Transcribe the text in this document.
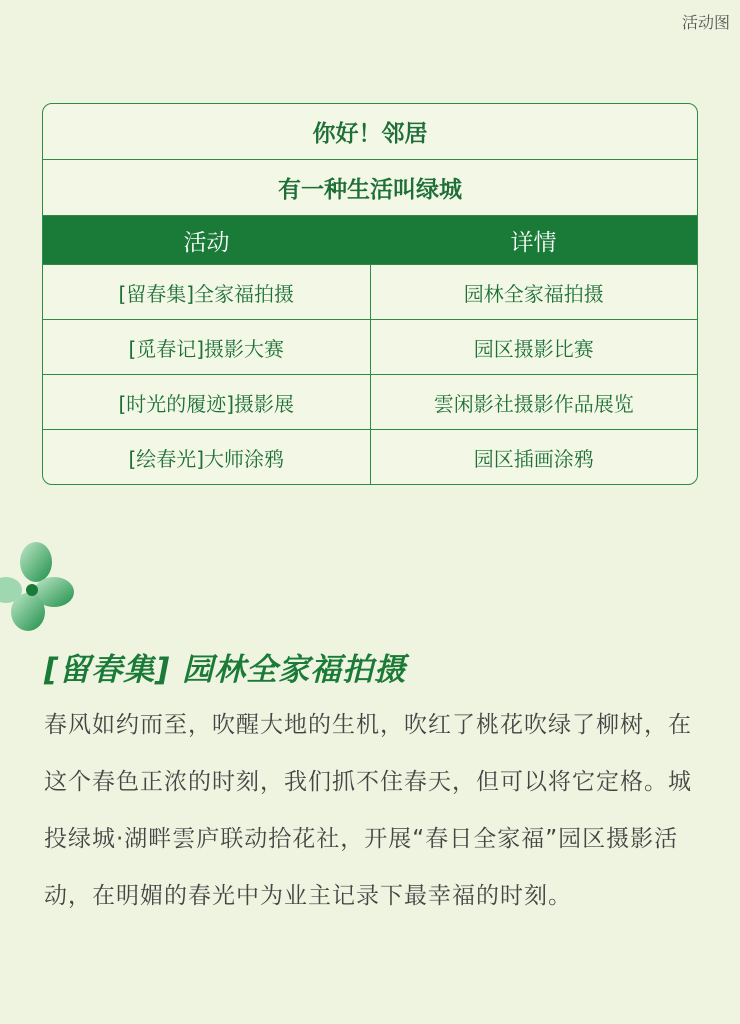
活动图
你好！邻居
有一种生活叫绿城
活动	详情
[留春集]全家福拍摄	园林全家福拍摄
[觅春记]摄影大赛	园区摄影比赛
[时光的履迹]摄影展	雲闲影社摄影作品展览
[绘春光]大师涂鸦	园区插画涂鸦
[留春集] 园林全家福拍摄
春风如约而至，吹醒大地的生机，吹红了桃花吹绿了柳树，在这个春色正浓的时刻，我们抓不住春天，但可以将它定格。城投绿城·湖畔雲庐联动拾花社，开展“春日全家福”园区摄影活动，在明媚的春光中为业主记录下最幸福的时刻。
